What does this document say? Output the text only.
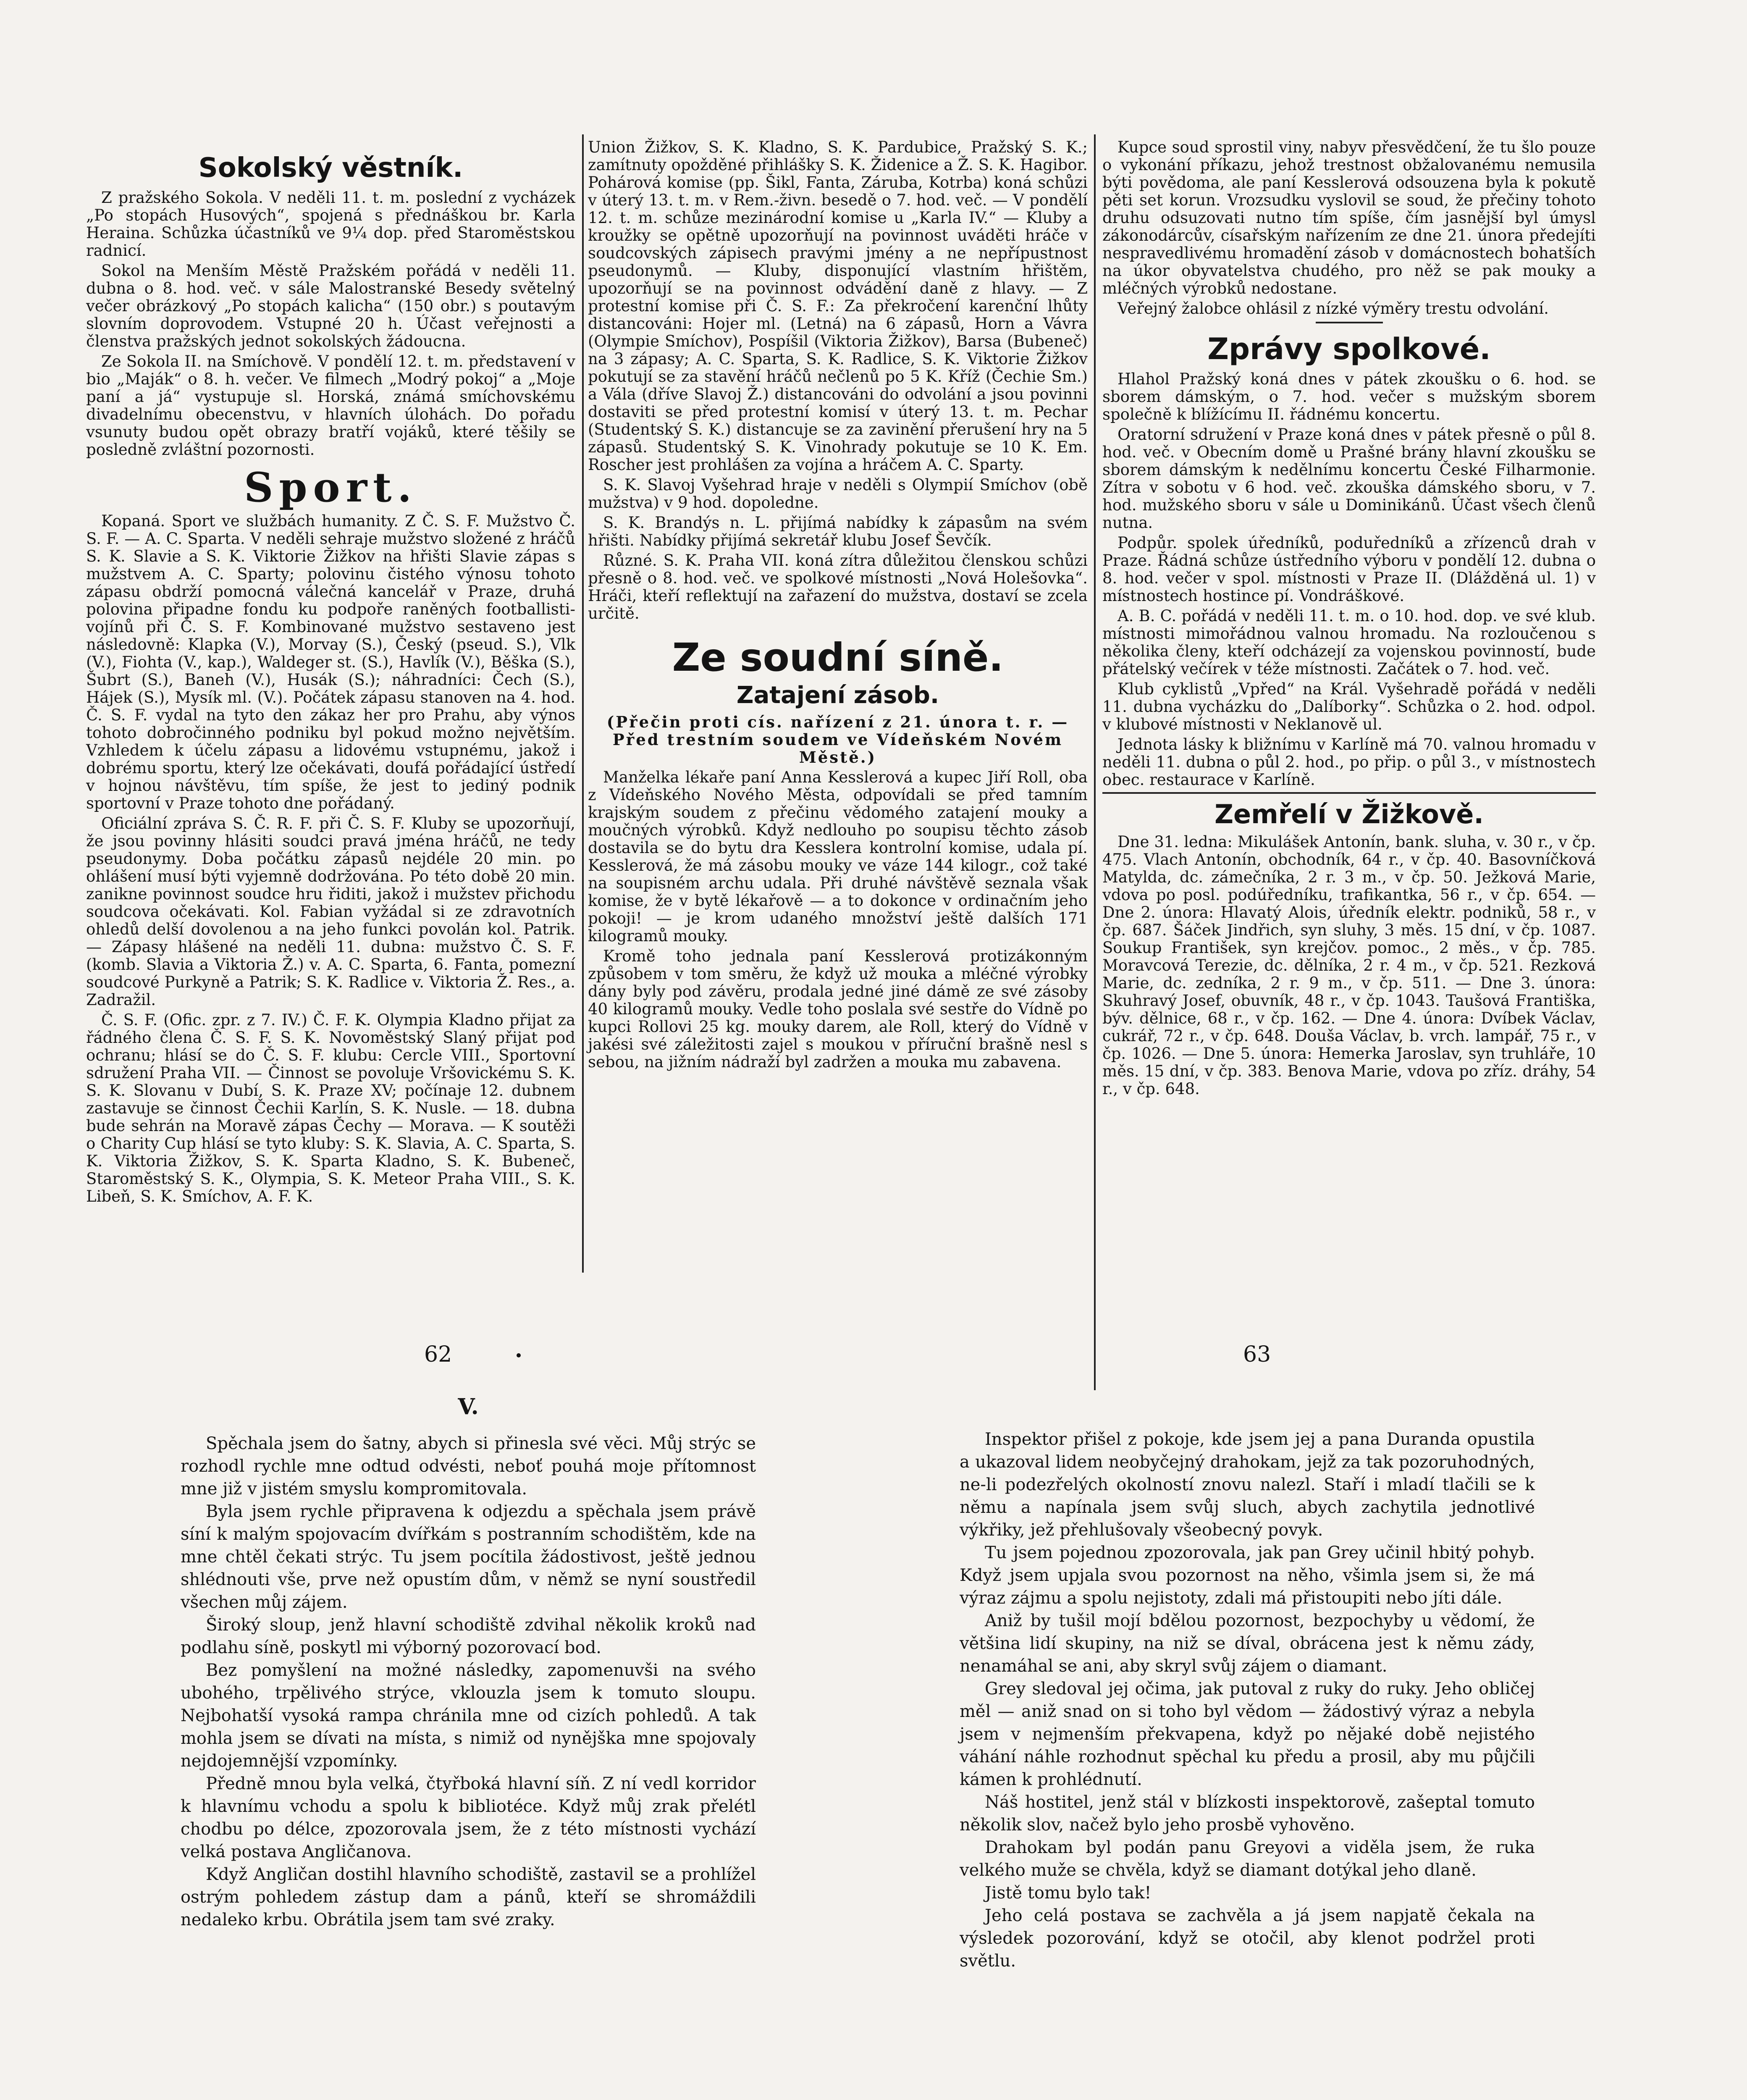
Sokolský věstník.

Z pražského Sokola. V neděli 11. t. m. poslední z vycházek „Po stopách Husových“, spojená s přednáškou br. Karla Heraina. Schůzka účastníků ve 9¼ dop. před Staroměstskou radnicí.

Sokol na Menším Městě Pražském pořádá v neděli 11. dubna o 8. hod. več. v sále Malostranské Besedy světelný večer obrázkový „Po stopách kalicha“ (150 obr.) s poutavým slovním doprovodem. Vstupné 20 h. Účast veřejnosti a členstva pražských jednot sokolských žádoucna.

Ze Sokola II. na Smíchově. V pondělí 12. t. m. představení v bio „Maják“ o 8. h. večer. Ve filmech „Modrý pokoj“ a „Moje paní a já“ vystupuje sl. Horská, známá smíchovskému divadelnímu obecenstvu, v hlavních úlohách. Do pořadu vsunuty budou opět obrazy bratří vojáků, které těšily se posledně zvláštní pozornosti.

Sport.

Kopaná. Sport ve službách humanity. Z Č. S. F. Mužstvo Č. S. F. — A. C. Sparta. V neděli sehraje mužstvo složené z hráčů S. K. Slavie a S. K. Viktorie Žižkov na hřišti Slavie zápas s mužstvem A. C. Sparty; polovinu čistého výnosu tohoto zápasu obdrží pomocná válečná kancelář v Praze, druhá polovina připadne fondu ku podpoře raněných footballisti-vojínů při Č. S. F. Kombinované mužstvo sestaveno jest následovně: Klapka (V.), Morvay (S.), Český (pseud. S.), Vlk (V.), Fiohta (V., kap.), Waldeger st. (S.), Havlík (V.), Běška (S.), Šubrt (S.), Baneh (V.), Husák (S.); náhradníci: Čech (S.), Hájek (S.), Mysík ml. (V.). Počátek zápasu stanoven na 4. hod. Č. S. F. vydal na tyto den zákaz her pro Prahu, aby výnos tohoto dobročinného podniku byl pokud možno největším. Vzhledem k účelu zápasu a lidovému vstupnému, jakož i dobrému sportu, který lze očekávati, doufá pořádající ústředí v hojnou návštěvu, tím spíše, že jest to jediný podnik sportovní v Praze tohoto dne pořádaný.

Oficiální zpráva S. Č. R. F. při Č. S. F. Kluby se upozorňují, že jsou povinny hlásiti soudci pravá jména hráčů, ne tedy pseudonymy. Doba počátku zápasů nejdéle 20 min. po ohlášení musí býti vyjemně dodržována. Po této době 20 min. zanikne povinnost soudce hru řiditi, jakož i mužstev přichodu soudcova očekávati. Kol. Fabian vyžádal si ze zdravotních ohledů delší dovolenou a na jeho funkci povolán kol. Patrik. — Zápasy hlášené na neděli 11. dubna: mužstvo Č. S. F. (komb. Slavia a Viktoria Ž.) v. A. C. Sparta, 6. Fanta, pomezní soudcové Purkyně a Patrik; S. K. Radlice v. Viktoria Ž. Res., a. Zadražil.

Č. S. F. (Ofic. zpr. z 7. IV.) Č. F. K. Olympia Kladno přijat za řádného člena Č. S. F. S. K. Novoměstský Slaný přijat pod ochranu; hlásí se do Č. S. F. klubu: Cercle VIII., Sportovní sdružení Praha VII. — Činnost se povoluje Vršovickému S. K. S. K. Slovanu v Dubí, S. K. Praze XV; počínaje 12. dubnem zastavuje se činnost Čechii Karlín, S. K. Nusle. — 18. dubna bude sehrán na Moravě zápas Čechy — Morava. — K soutěži o Charity Cup hlásí se tyto kluby: S. K. Slavia, A. C. Sparta, S. K. Viktoria Žižkov, S. K. Sparta Kladno, S. K. Bubeneč, Staroměstský S. K., Olympia, S. K. Meteor Praha VIII., S. K. Libeň, S. K. Smíchov, A. F. K.

Union Žižkov, S. K. Kladno, S. K. Pardubice, Pražský S. K.; zamítnuty opožděné přihlášky S. K. Židenice a Ž. S. K. Hagibor. Pohárová komise (pp. Šikl, Fanta, Záruba, Kotrba) koná schůzi v úterý 13. t. m. v Rem.-živn. besedě o 7. hod. več. — V pondělí 12. t. m. schůze mezinárodní komise u „Karla IV.“ — Kluby a kroužky se opětně upozorňují na povinnost uváděti hráče v soudcovských zápisech pravými jmény a ne nepřípustnost pseudonymů. — Kluby, disponující vlastním hřištěm, upozorňují se na povinnost odvádění daně z hlavy. — Z protestní komise při Č. S. F.: Za překročení karenční lhůty distancováni: Hojer ml. (Letná) na 6 zápasů, Horn a Vávra (Olympie Smíchov), Pospíšil (Viktoria Žižkov), Barsa (Bubeneč) na 3 zápasy; A. C. Sparta, S. K. Radlice, S. K. Viktorie Žižkov pokutují se za stavění hráčů nečlenů po 5 K. Kříž (Čechie Sm.) a Vála (dříve Slavoj Ž.) distancováni do odvolání a jsou povinni dostaviti se před protestní komisí v úterý 13. t. m. Pechar (Studentský S. K.) distancuje se za zavinění přerušení hry na 5 zápasů. Studentský S. K. Vinohrady pokutuje se 10 K. Em. Roscher jest prohlášen za vojína a hráčem A. C. Sparty.

S. K. Slavoj Vyšehrad hraje v neděli s Olympií Smíchov (obě mužstva) v 9 hod. dopoledne.

S. K. Brandýs n. L. přijímá nabídky k zápasům na svém hřišti. Nabídky přijímá sekretář klubu Josef Ševčík.

Různé. S. K. Praha VII. koná zítra důležitou členskou schůzi přesně o 8. hod. več. ve spolkové místnosti „Nová Holešovka“. Hráči, kteří reflektují na zařazení do mužstva, dostaví se zcela určitě.

Ze soudní síně.
Zatajení zásob.

(Přečin proti cís. nařízení z 21. února t. r. — Před trestním soudem ve Vídeňském Novém Městě.)

Manželka lékaře paní Anna Kesslerová a kupec Jiří Roll, oba z Vídeňského Nového Města, odpovídali se před tamním krajským soudem z přečinu vědomého zatajení mouky a moučných výrobků. Když nedlouho po soupisu těchto zásob dostavila se do bytu dra Kesslera kontrolní komise, udala pí. Kesslerová, že má zásobu mouky ve váze 144 kilogr., což také na soupisném archu udala. Při druhé návštěvě seznala však komise, že v bytě lékařově — a to dokonce v ordinačním jeho pokoji! — je krom udaného množství ještě dalších 171 kilogramů mouky.

Kromě toho jednala paní Kesslerová protizákonným způsobem v tom směru, že když už mouka a mléčné výrobky dány byly pod závěru, prodala jedné jiné dámě ze své zásoby 40 kilogramů mouky. Vedle toho poslala své sestře do Vídně po kupci Rollovi 25 kg. mouky darem, ale Roll, který do Vídně v jakési své záležitosti zajel s moukou v příruční brašně nesl s sebou, na jižním nádraží byl zadržen a mouka mu zabavena.

Kupce soud sprostil viny, nabyv přesvědčení, že tu šlo pouze o vykonání příkazu, jehož trestnost obžalovanému nemusila býti povědoma, ale paní Kesslerová odsouzena byla k pokutě pěti set korun. Vrozsudku vyslovil se soud, že přečiny tohoto druhu odsuzovati nutno tím spíše, čím jasnější byl úmysl zákonodárcův, císařským nařízením ze dne 21. února předejíti nespravedlivému hromadění zásob v domácnostech bohatších na úkor obyvatelstva chudého, pro něž se pak mouky a mléčných výrobků nedostane.

Veřejný žalobce ohlásil z nízké výměry trestu odvolání.

Zprávy spolkové.

Hlahol Pražský koná dnes v pátek zkoušku o 6. hod. se sborem dámským, o 7. hod. večer s mužským sborem společně k blížícímu II. řádnému koncertu.

Oratorní sdružení v Praze koná dnes v pátek přesně o půl 8. hod. več. v Obecním domě u Prašné brány hlavní zkoušku se sborem dámským k nedělnímu koncertu České Filharmonie. Zítra v sobotu v 6 hod. več. zkouška dámského sboru, v 7. hod. mužského sboru v sále u Dominikánů. Účast všech členů nutna.

Podpůr. spolek úředníků, poduředníků a zřízenců drah v Praze. Řádná schůze ústředního výboru v pondělí 12. dubna o 8. hod. večer v spol. místnosti v Praze II. (Dlážděná ul. 1) v místnostech hostince pí. Vondráškové.

A. B. C. pořádá v neděli 11. t. m. o 10. hod. dop. ve své klub. místnosti mimořádnou valnou hromadu. Na rozloučenou s několika členy, kteří odcházejí za vojenskou povinností, bude přátelský večírek v téže místnosti. Začátek o 7. hod. več.

Klub cyklistů „Vpřed“ na Král. Vyšehradě pořádá v neděli 11. dubna vycházku do „Dalíborky“. Schůzka o 2. hod. odpol. v klubové místnosti v Neklanově ul.

Jednota lásky k bližnímu v Karlíně má 70. valnou hromadu v neděli 11. dubna o půl 2. hod., po přip. o půl 3., v místnostech obec. restaurace v Karlíně.

Zemřelí v Žižkově.

Dne 31. ledna: Mikulášek Antonín, bank. sluha, v. 30 r., v čp. 475. Vlach Antonín, obchodník, 64 r., v čp. 40. Basovníčková Matylda, dc. zámečníka, 2 r. 3 m., v čp. 50. Ježková Marie, vdova po posl. podúředníku, trafikantka, 56 r., v čp. 654. — Dne 2. února: Hlavatý Alois, úředník elektr. podniků, 58 r., v čp. 687. Šáček Jindřich, syn sluhy, 3 měs. 15 dní, v čp. 1087. Soukup František, syn krejčov. pomoc., 2 měs., v čp. 785. Moravcová Terezie, dc. dělníka, 2 r. 4 m., v čp. 521. Rezková Marie, dc. zedníka, 2 r. 9 m., v čp. 511. — Dne 3. února: Skuhravý Josef, obuvník, 48 r., v čp. 1043. Taušová Františka, býv. dělnice, 68 r., v čp. 162. — Dne 4. února: Dvíbek Václav, cukrář, 72 r., v čp. 648. Douša Václav, b. vrch. lampář, 75 r., v čp. 1026. — Dne 5. února: Hemerka Jaroslav, syn truhláře, 10 měs. 15 dní, v čp. 383. Benova Marie, vdova po zříz. dráhy, 54 r., v čp. 648.

62	63
V.

Spěchala jsem do šatny, abych si přinesla své věci. Můj strýc se rozhodl rychle mne odtud odvésti, neboť pouhá moje přítomnost mne již v jistém smyslu kompromitovala.

Byla jsem rychle připravena k odjezdu a spěchala jsem právě síní k malým spojovacím dvířkám s postranním schodištěm, kde na mne chtěl čekati strýc. Tu jsem pocítila žádostivost, ještě jednou shlédnouti vše, prve než opustím dům, v němž se nyní soustředil všechen můj zájem.

Široký sloup, jenž hlavní schodiště zdvihal několik kroků nad podlahu síně, poskytl mi výborný pozorovací bod.

Bez pomyšlení na možné následky, zapomenuvši na svého ubohého, trpělivého strýce, vklouzla jsem k tomuto sloupu. Nejbohatší vysoká rampa chránila mne od cizích pohledů. A tak mohla jsem se dívati na místa, s nimiž od nynějška mne spojovaly nejdojemnější vzpomínky.

Předně mnou byla velká, čtyřboká hlavní síň. Z ní vedl korridor k hlavnímu vchodu a spolu k bibliotéce. Když můj zrak přelétl chodbu po délce, zpozorovala jsem, že z této místnosti vychází velká postava Angličanova.

Když Angličan dostihl hlavního schodiště, zastavil se a prohlížel ostrým pohledem zástup dam a pánů, kteří se shromáždili nedaleko krbu. Obrátila jsem tam své zraky.

Inspektor přišel z pokoje, kde jsem jej a pana Duranda opustila a ukazoval lidem neobyčejný drahokam, jejž za tak pozoruhodných, ne-li podezřelých okolností znovu nalezl. Staří i mladí tlačili se k němu a napínala jsem svůj sluch, abych zachytila jednotlivé výkřiky, jež přehlušovaly všeobecný povyk.

Tu jsem pojednou zpozorovala, jak pan Grey učinil hbitý pohyb. Když jsem upjala svou pozornost na něho, všimla jsem si, že má výraz zájmu a spolu nejistoty, zdali má přistoupiti nebo jíti dále.

Aniž by tušil mojí bdělou pozornost, bezpochyby u vědomí, že většina lidí skupiny, na niž se díval, obrácena jest k němu zády, nenamáhal se ani, aby skryl svůj zájem o diamant.

Grey sledoval jej očima, jak putoval z ruky do ruky. Jeho obličej měl — aniž snad on si toho byl vědom — žádostivý výraz a nebyla jsem v nejmenším překvapena, když po nějaké době nejistého váhání náhle rozhodnut spěchal ku předu a prosil, aby mu půjčili kámen k prohlédnutí.

Náš hostitel, jenž stál v blízkosti inspektorově, zašeptal tomuto několik slov, načež bylo jeho prosbě vyhověno.

Drahokam byl podán panu Greyovi a viděla jsem, že ruka velkého muže se chvěla, když se diamant dotýkal jeho dlaně.

Jistě tomu bylo tak!

Jeho celá postava se zachvěla a já jsem napjatě čekala na výsledek pozorování, když se otočil, aby klenot podržel proti světlu.
